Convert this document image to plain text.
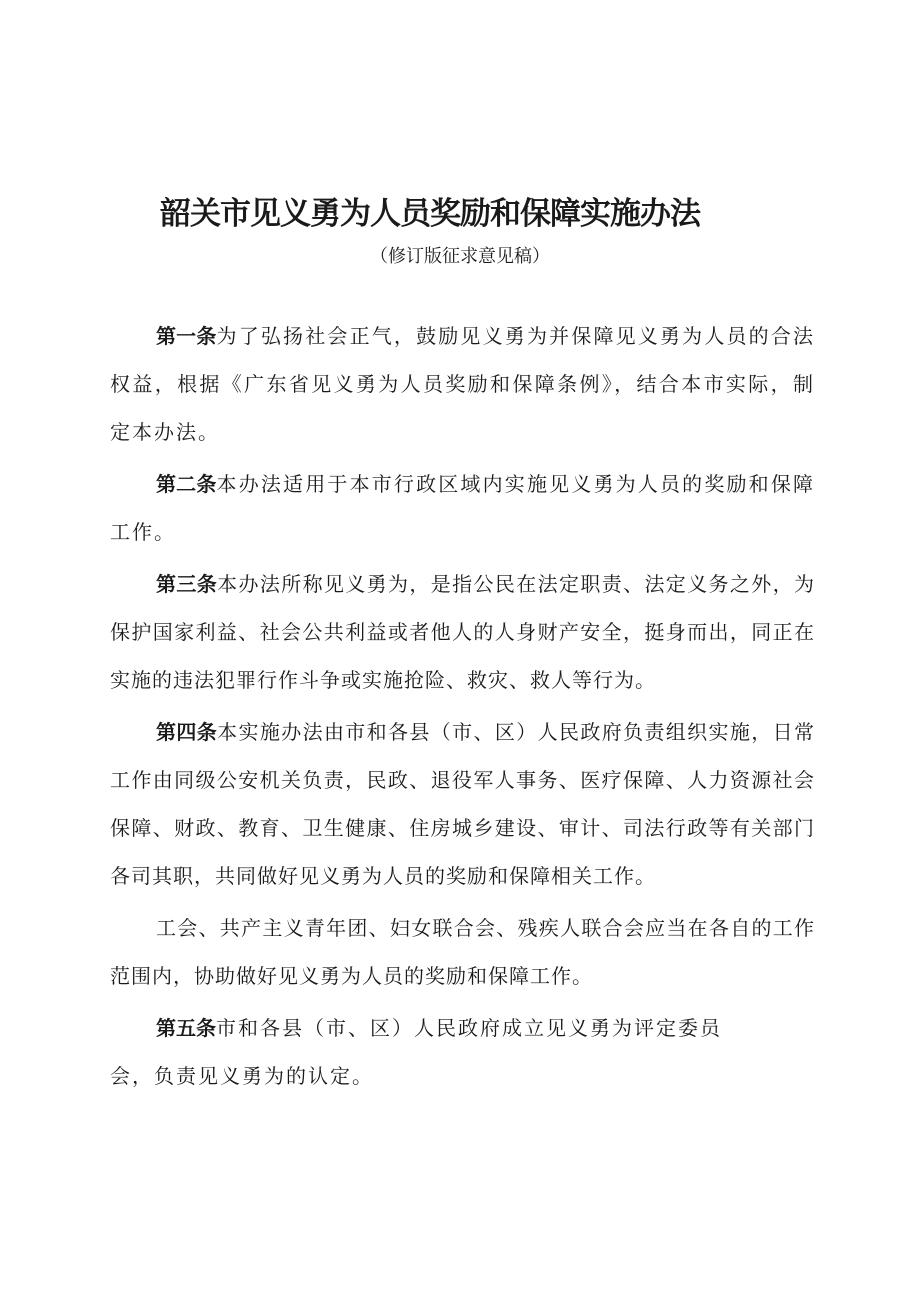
韶关市见义勇为人员奖励和保障实施办法

（修订版征求意见稿）

第一条为了弘扬社会正气，鼓励见义勇为并保障见义勇为人员的合法权益，根据《广东省见义勇为人员奖励和保障条例》，结合本市实际，制定本办法。

第二条本办法适用于本市行政区域内实施见义勇为人员的奖励和保障工作。

第三条本办法所称见义勇为，是指公民在法定职责、法定义务之外，为保护国家利益、社会公共利益或者他人的人身财产安全，挺身而出，同正在实施的违法犯罪行作斗争或实施抢险、救灾、救人等行为。

第四条本实施办法由市和各县（市、区）人民政府负责组织实施，日常工作由同级公安机关负责，民政、退役军人事务、医疗保障、人力资源社会保障、财政、教育、卫生健康、住房城乡建设、审计、司法行政等有关部门各司其职，共同做好见义勇为人员的奖励和保障相关工作。

工会、共产主义青年团、妇女联合会、残疾人联合会应当在各自的工作范围内，协助做好见义勇为人员的奖励和保障工作。

第五条市和各县（市、区）人民政府成立见义勇为评定委员会，负责见义勇为的认定。
